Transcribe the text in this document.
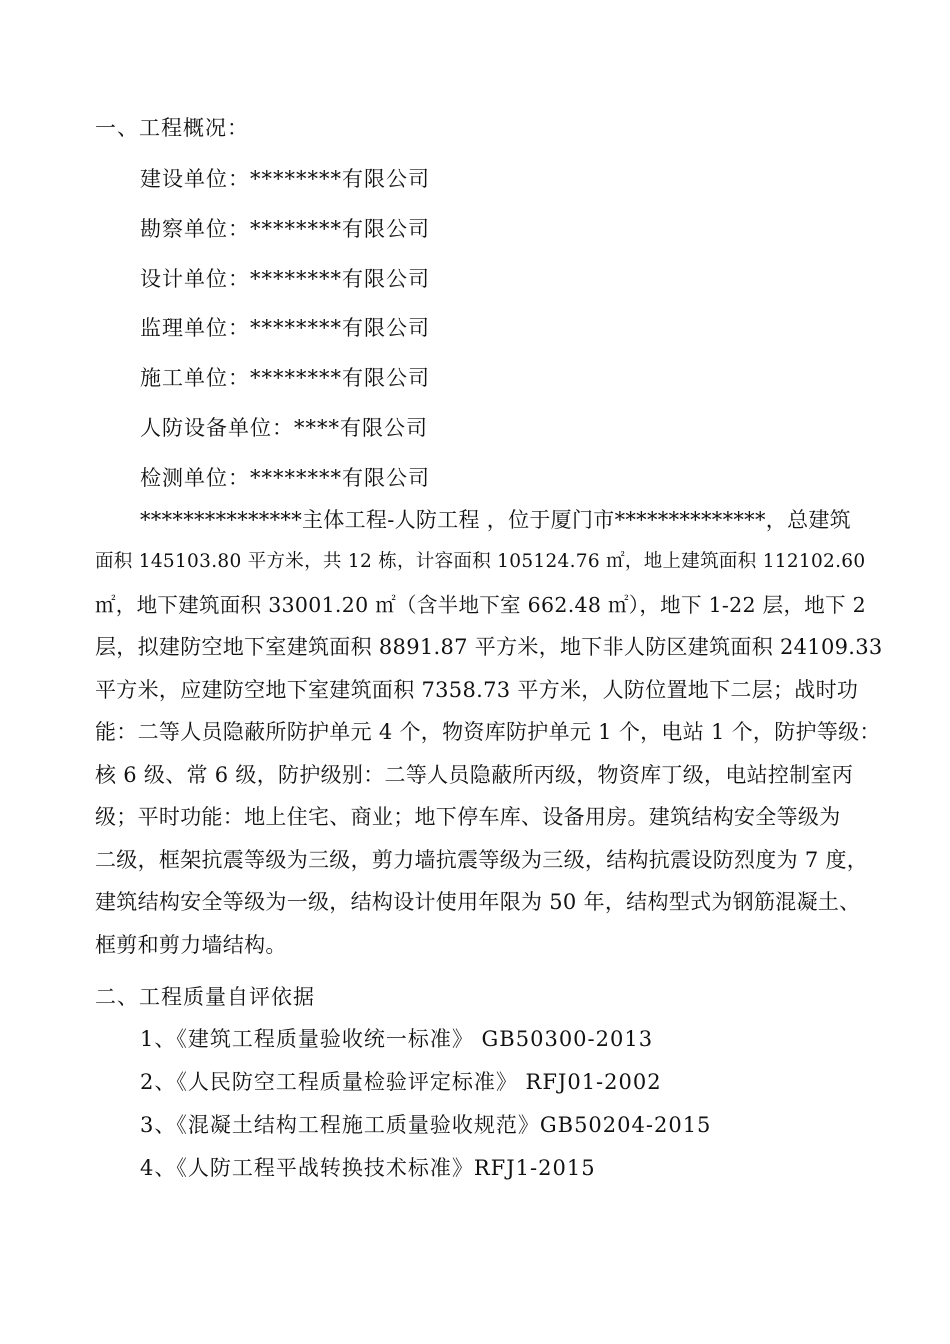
一、工程概况：
建设单位：********有限公司
勘察单位：********有限公司
设计单位：********有限公司
监理单位：********有限公司
施工单位：********有限公司
人防设备单位：****有限公司
检测单位：********有限公司
***************主体工程-人防工程 ，位于厦门市**************，总建筑
面积 145103.80 平方米，共 12 栋，计容面积 105124.76 ㎡，地上建筑面积 112102.60
㎡，地下建筑面积 33001.20 ㎡（含半地下室 662.48 ㎡），地下 1-22 层，地下 2
层，拟建防空地下室建筑面积 8891.87 平方米，地下非人防区建筑面积 24109.33
平方米，应建防空地下室建筑面积 7358.73 平方米，人防位置地下二层；战时功
能：二等人员隐蔽所防护单元 4 个，物资库防护单元 1 个，电站 1 个，防护等级：
核 6 级、常 6 级，防护级别：二等人员隐蔽所丙级，物资库丁级，电站控制室丙
级；平时功能：地上住宅、商业；地下停车库、设备用房。建筑结构安全等级为
二级，框架抗震等级为三级，剪力墙抗震等级为三级，结构抗震设防烈度为 7 度，
建筑结构安全等级为一级，结构设计使用年限为 50 年，结构型式为钢筋混凝土、
框剪和剪力墙结构。
二、工程质量自评依据
1、《建筑工程质量验收统一标准》 GB50300-2013
2、《人民防空工程质量检验评定标准》 RFJ01-2002
3、《混凝土结构工程施工质量验收规范》GB50204-2015
4、《人防工程平战转换技术标准》RFJ1-2015
